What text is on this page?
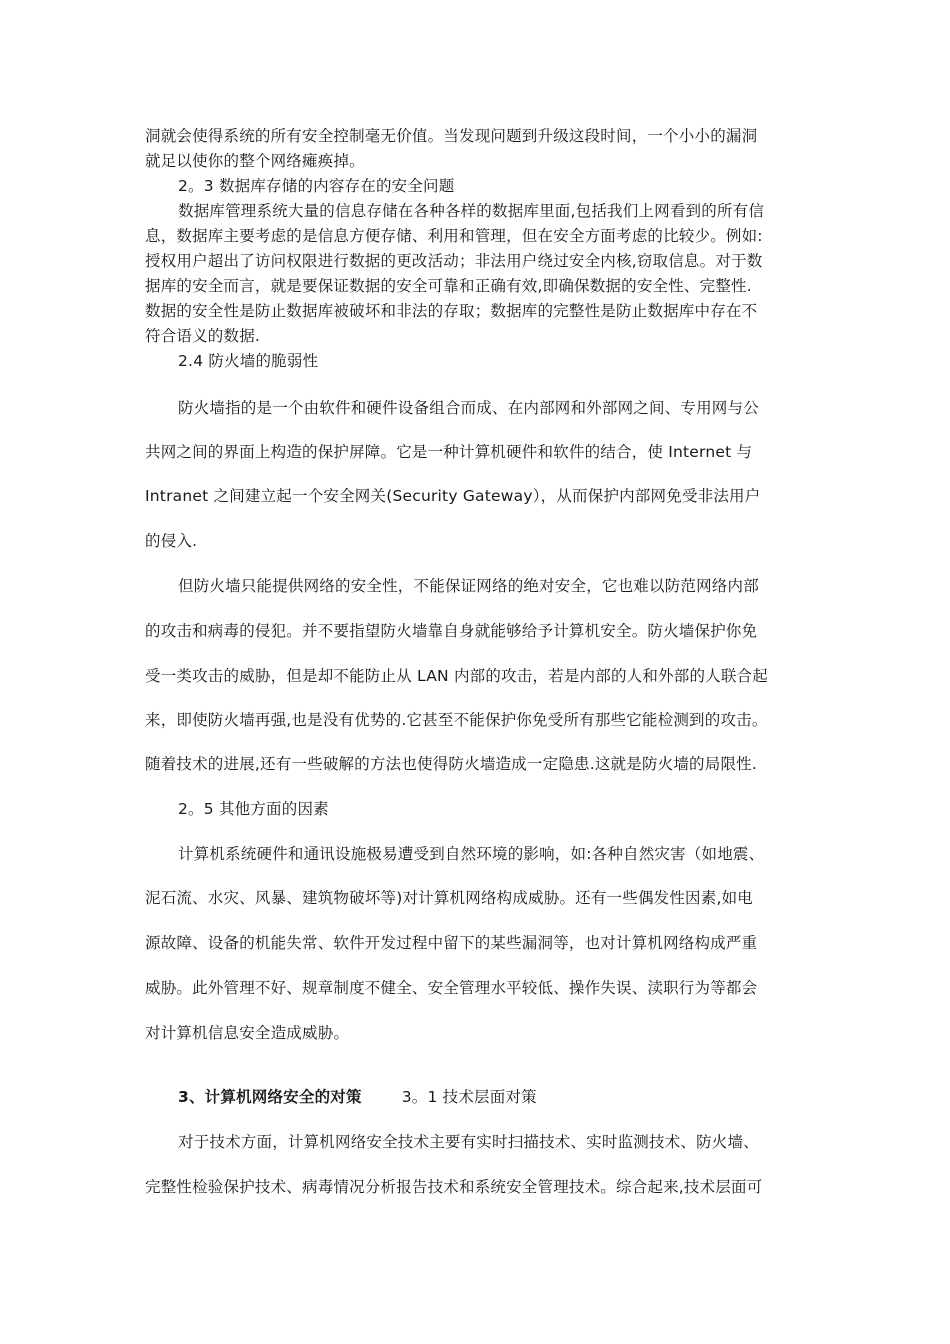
洞就会使得系统的所有安全控制毫无价值。当发现问题到升级这段时间，一个小小的漏洞
就足以使你的整个网络瘫痪掉。
2。3 数据库存储的内容存在的安全问题
数据库管理系统大量的信息存储在各种各样的数据库里面,包括我们上网看到的所有信
息，数据库主要考虑的是信息方便存储、利用和管理，但在安全方面考虑的比较少。例如:
授权用户超出了访问权限进行数据的更改活动；非法用户绕过安全内核,窃取信息。对于数
据库的安全而言，就是要保证数据的安全可靠和正确有效,即确保数据的安全性、完整性.
数据的安全性是防止数据库被破坏和非法的存取；数据库的完整性是防止数据库中存在不
符合语义的数据.
2.4 防火墙的脆弱性
防火墙指的是一个由软件和硬件设备组合而成、在内部网和外部网之间、专用网与公
共网之间的界面上构造的保护屏障。它是一种计算机硬件和软件的结合，使 Internet 与
Intranet 之间建立起一个安全网关(Security Gateway），从而保护内部网免受非法用户
的侵入.
但防火墙只能提供网络的安全性，不能保证网络的绝对安全，它也难以防范网络内部
的攻击和病毒的侵犯。并不要指望防火墙靠自身就能够给予计算机安全。防火墙保护你免
受一类攻击的威胁，但是却不能防止从 LAN 内部的攻击，若是内部的人和外部的人联合起
来，即使防火墙再强,也是没有优势的.它甚至不能保护你免受所有那些它能检测到的攻击。
随着技术的进展,还有一些破解的方法也使得防火墙造成一定隐患.这就是防火墙的局限性.
2。5 其他方面的因素
计算机系统硬件和通讯设施极易遭受到自然环境的影响，如:各种自然灾害（如地震、
泥石流、水灾、风暴、建筑物破坏等)对计算机网络构成威胁。还有一些偶发性因素,如电
源故障、设备的机能失常、软件开发过程中留下的某些漏洞等，也对计算机网络构成严重
威胁。此外管理不好、规章制度不健全、安全管理水平较低、操作失误、渎职行为等都会
对计算机信息安全造成威胁。
3、计算机网络安全的对策	3。1 技术层面对策
对于技术方面，计算机网络安全技术主要有实时扫描技术、实时监测技术、防火墙、
完整性检验保护技术、病毒情况分析报告技术和系统安全管理技术。综合起来,技术层面可
